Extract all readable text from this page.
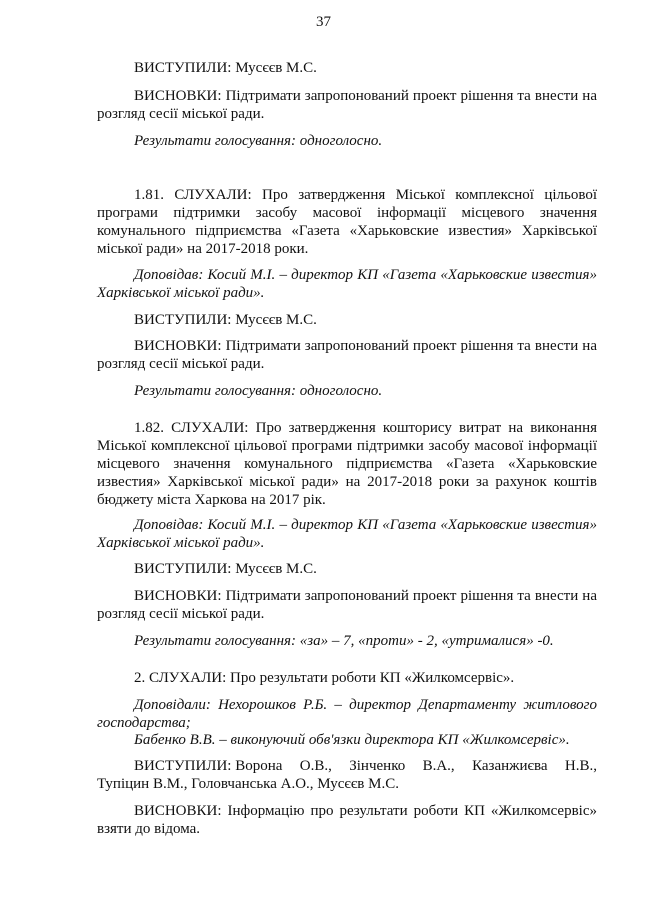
37

ВИСТУПИЛИ: Мусєєв М.С.

ВИСНОВКИ: Підтримати запропонований проект рішення та внести на розгляд сесії міської ради.

Результати голосування: одноголосно.

1.81. СЛУХАЛИ: Про затвердження Міської комплексної цільової програми підтримки засобу масової інформації місцевого значення комунального підприємства «Газета «Харьковские известия» Харківської міської ради» на 2017-2018 роки.

Доповідав: Косий М.І. – директор КП «Газета «Харьковские известия» Харківської міської ради».

ВИСТУПИЛИ: Мусєєв М.С.

ВИСНОВКИ: Підтримати запропонований проект рішення та внести на розгляд сесії міської ради.

Результати голосування: одноголосно.

1.82. СЛУХАЛИ: Про затвердження кошторису витрат на виконання Міської комплексної цільової програми підтримки засобу масової інформації місцевого значення комунального підприємства «Газета «Харьковские известия» Харківської міської ради» на 2017-2018 роки за рахунок коштів бюджету міста Харкова на 2017 рік.

Доповідав: Косий М.І. – директор КП «Газета «Харьковские известия» Харківської міської ради».

ВИСТУПИЛИ: Мусєєв М.С.

ВИСНОВКИ: Підтримати запропонований проект рішення та внести на розгляд сесії міської ради.

Результати голосування: «за» – 7, «проти» - 2, «утрималися» -0.

2. СЛУХАЛИ: Про результати роботи КП «Жилкомсервіс».

Доповідали: Нехорошков Р.Б. – директор Департаменту житлового господарства;

Бабенко В.В. – виконуючий обв'язки директора КП «Жилкомсервіс».

ВИСТУПИЛИ: Ворона О.В., Зінченко В.А., Казанжиєва Н.В.,
Тупіцин В.М., Головчанська А.О., Мусєєв М.С.

ВИСНОВКИ: Інформацію про результати роботи КП «Жилкомсервіс» взяти до відома.
